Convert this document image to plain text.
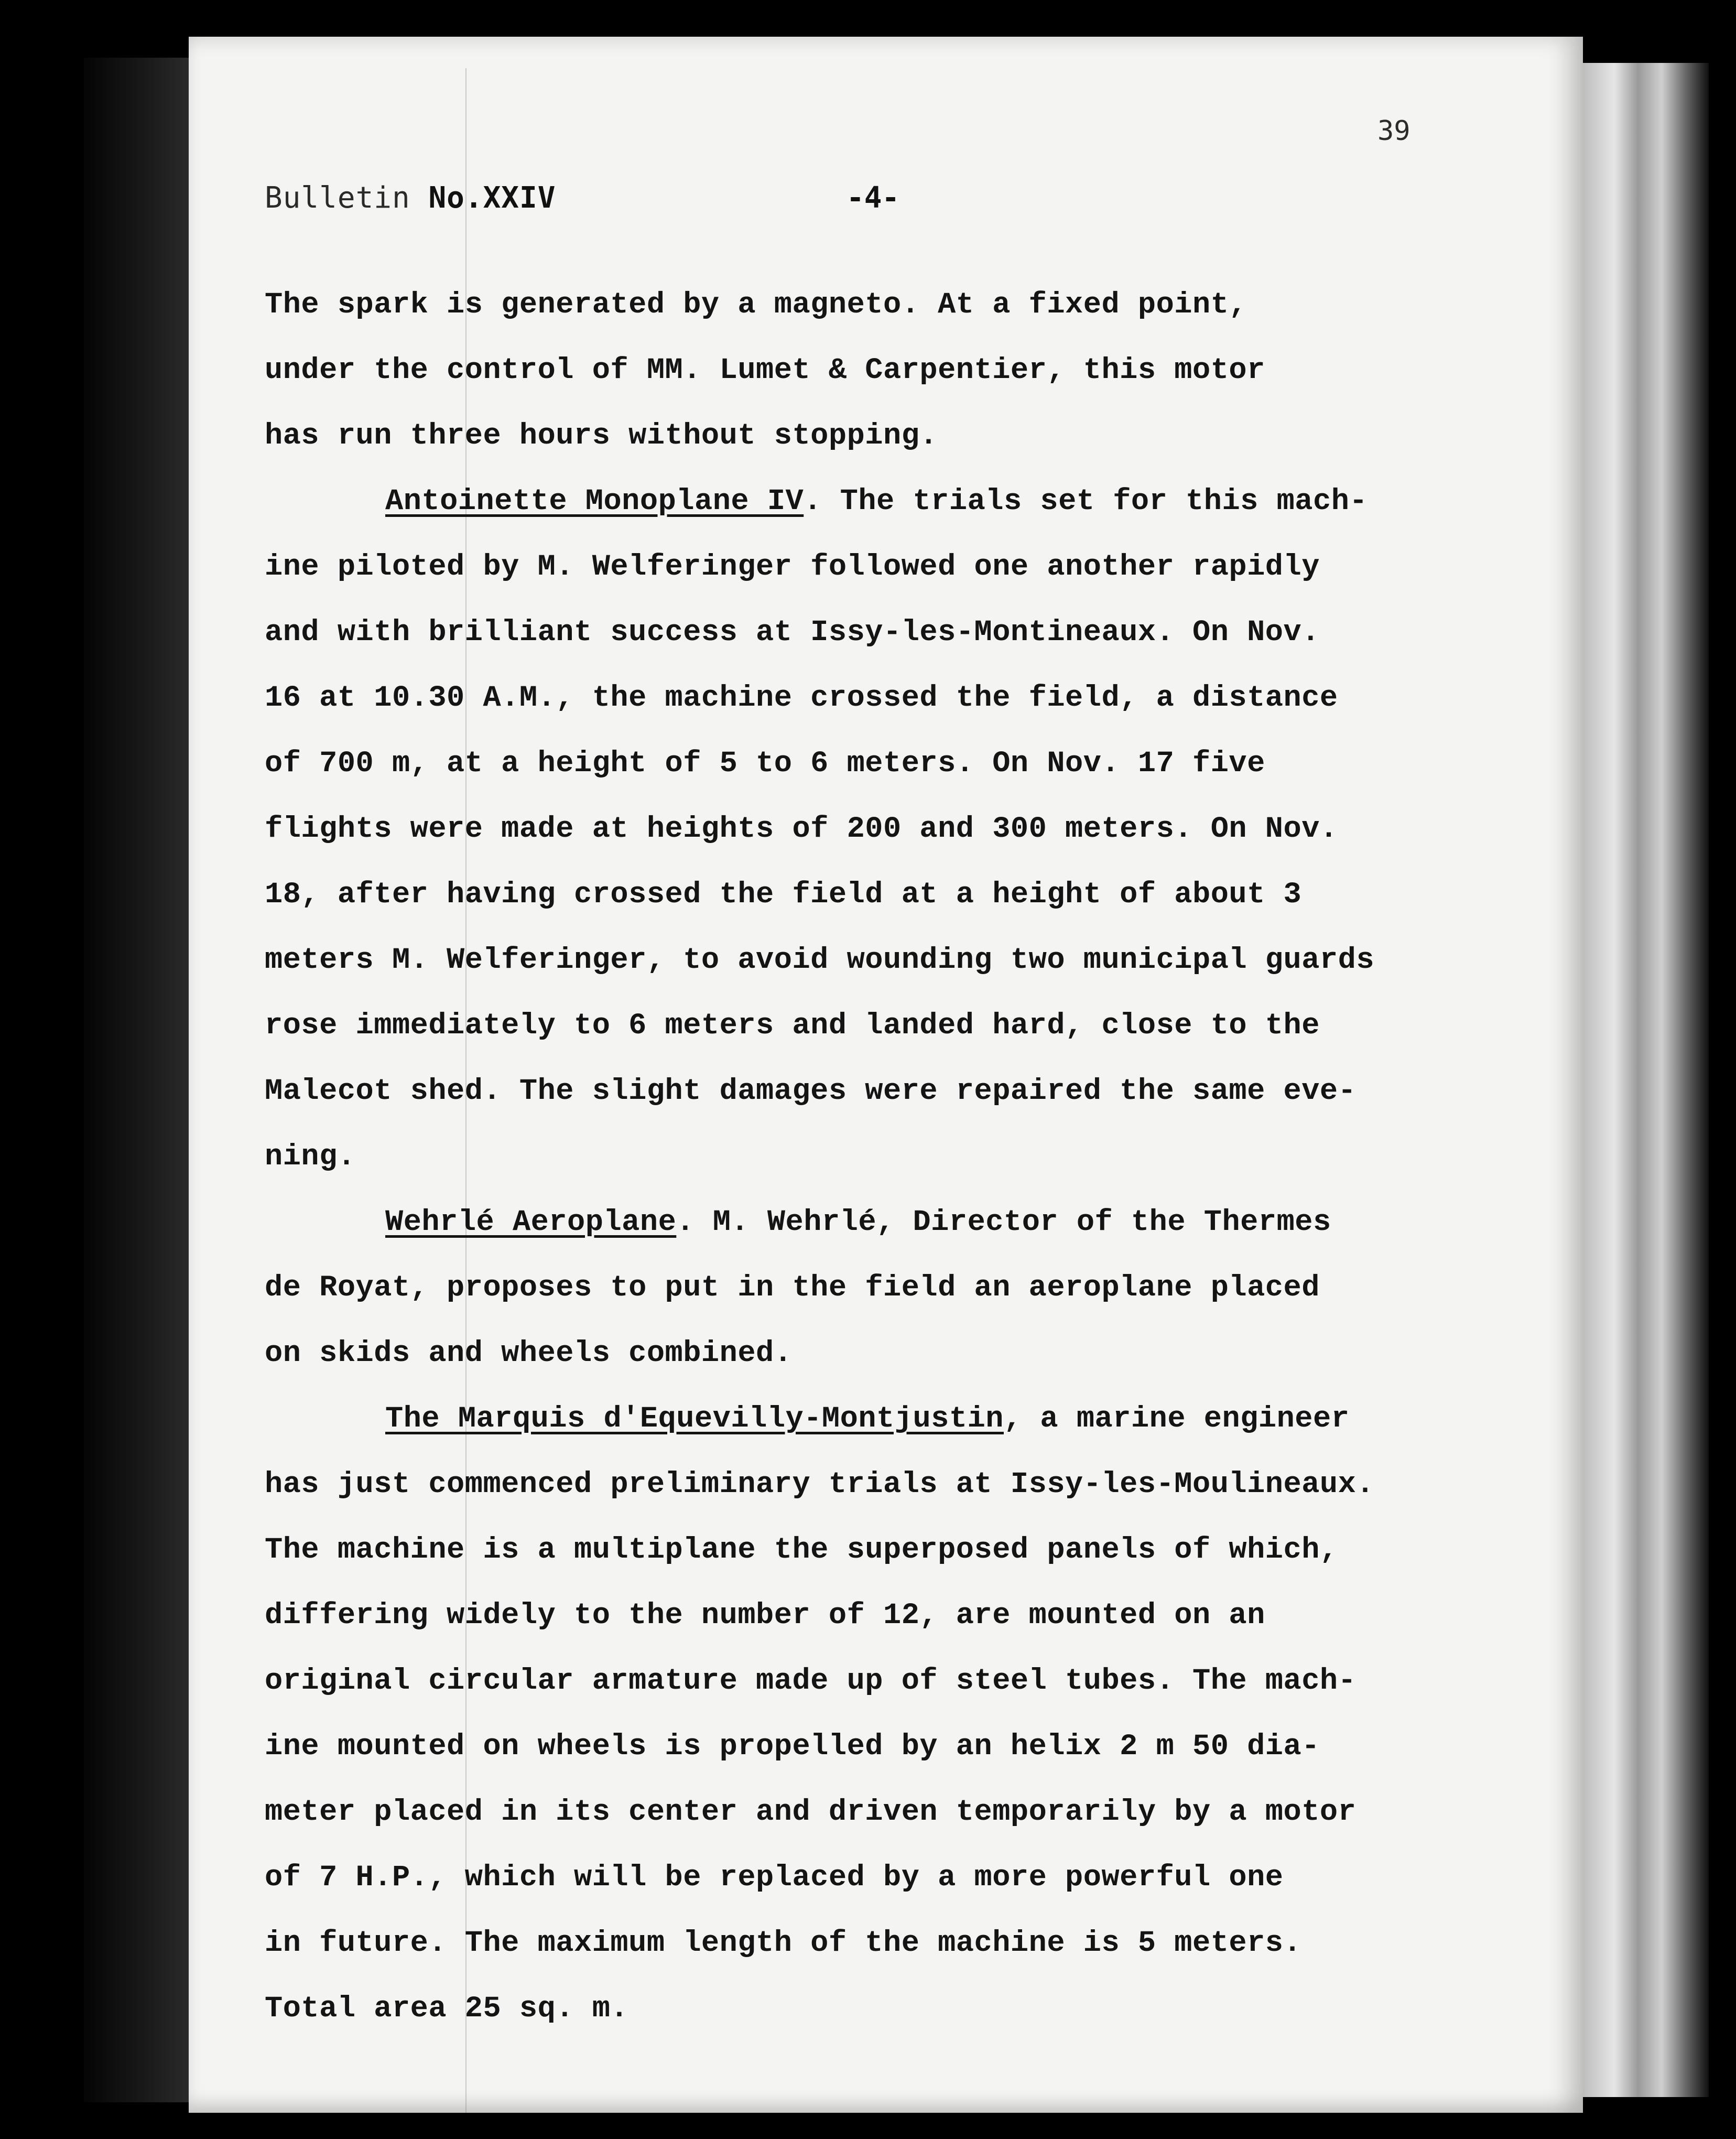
39
Bulletin No.XXIV	-4-
The spark is generated by a magneto. At a fixed point,
under the control of MM. Lumet & Carpentier, this motor
has run three hours without stopping.
Antoinette Monoplane IV. The trials set for this mach-
ine piloted by M. Welferinger followed one another rapidly
and with brilliant success at Issy-les-Montineaux. On Nov.
16 at 10.30 A.M., the machine crossed the field, a distance
of 700 m, at a height of 5 to 6 meters. On Nov. 17 five
flights were made at heights of 200 and 300 meters. On Nov.
18, after having crossed the field at a height of about 3
meters M. Welferinger, to avoid wounding two municipal guards
rose immediately to 6 meters and landed hard, close to the
Malecot shed. The slight damages were repaired the same eve-
ning.
Wehrlé Aeroplane. M. Wehrlé, Director of the Thermes
de Royat, proposes to put in the field an aeroplane placed
on skids and wheels combined.
The Marquis d'Equevilly-Montjustin, a marine engineer
has just commenced preliminary trials at Issy-les-Moulineaux.
The machine is a multiplane the superposed panels of which,
differing widely to the number of 12, are mounted on an
original circular armature made up of steel tubes. The mach-
ine mounted on wheels is propelled by an helix 2 m 50 dia-
meter placed in its center and driven temporarily by a motor
of 7 H.P., which will be replaced by a more powerful one
in future. The maximum length of the machine is 5 meters.
Total area 25 sq. m.
